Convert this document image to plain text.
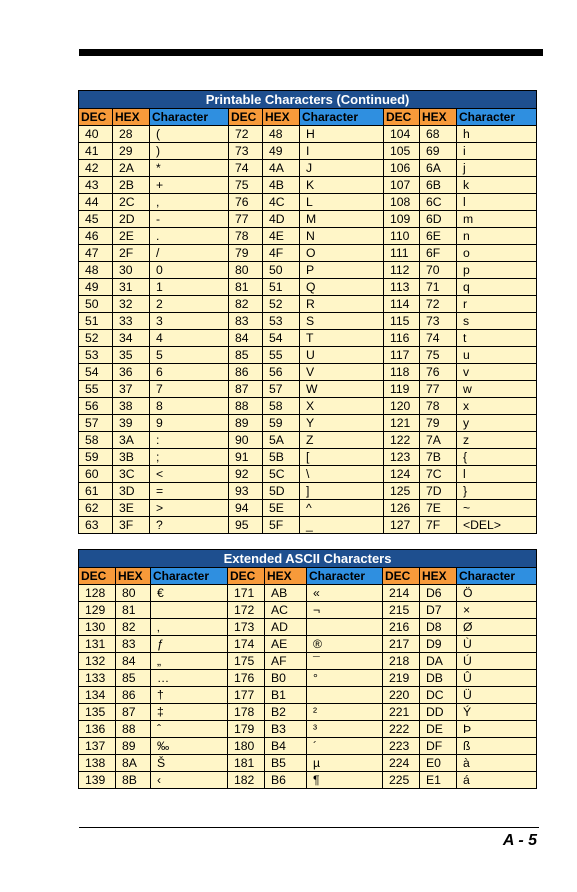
Printable Characters (Continued)								
DEC	HEX	Character	DEC	HEX	Character	DEC	HEX	Character
40	28	(	72	48	H	104	68	h
41	29	)	73	49	I	105	69	i
42	2A	*	74	4A	J	106	6A	j
43	2B	+	75	4B	K	107	6B	k
44	2C	,	76	4C	L	108	6C	l
45	2D	-	77	4D	M	109	6D	m
46	2E	.	78	4E	N	110	6E	n
47	2F	/	79	4F	O	111	6F	o
48	30	0	80	50	P	112	70	p
49	31	1	81	51	Q	113	71	q
50	32	2	82	52	R	114	72	r
51	33	3	83	53	S	115	73	s
52	34	4	84	54	T	116	74	t
53	35	5	85	55	U	117	75	u
54	36	6	86	56	V	118	76	v
55	37	7	87	57	W	119	77	w
56	38	8	88	58	X	120	78	x
57	39	9	89	59	Y	121	79	y
58	3A	:	90	5A	Z	122	7A	z
59	3B	;	91	5B	[	123	7B	{
60	3C	<	92	5C	\	124	7C	l
61	3D	=	93	5D	]	125	7D	}
62	3E	>	94	5E	^	126	7E	~
63	3F	?	95	5F	_	127	7F	<DEL>
Extended ASCII Characters								
DEC	HEX	Character	DEC	HEX	Character	DEC	HEX	Character
128	80	€	171	AB	«	214	D6	Ö
129	81		172	AC	¬	215	D7	×
130	82	‚	173	AD		216	D8	Ø
131	83	ƒ	174	AE	®	217	D9	Ù
132	84	„	175	AF	¯	218	DA	Ú
133	85	…	176	B0	°	219	DB	Û
134	86	†	177	B1		220	DC	Ü
135	87	‡	178	B2	²	221	DD	Ý
136	88	ˆ	179	B3	³	222	DE	Þ
137	89	‰	180	B4	´	223	DF	ß
138	8A	Š	181	B5	µ	224	E0	à
139	8B	‹	182	B6	¶	225	E1	á
A - 5
